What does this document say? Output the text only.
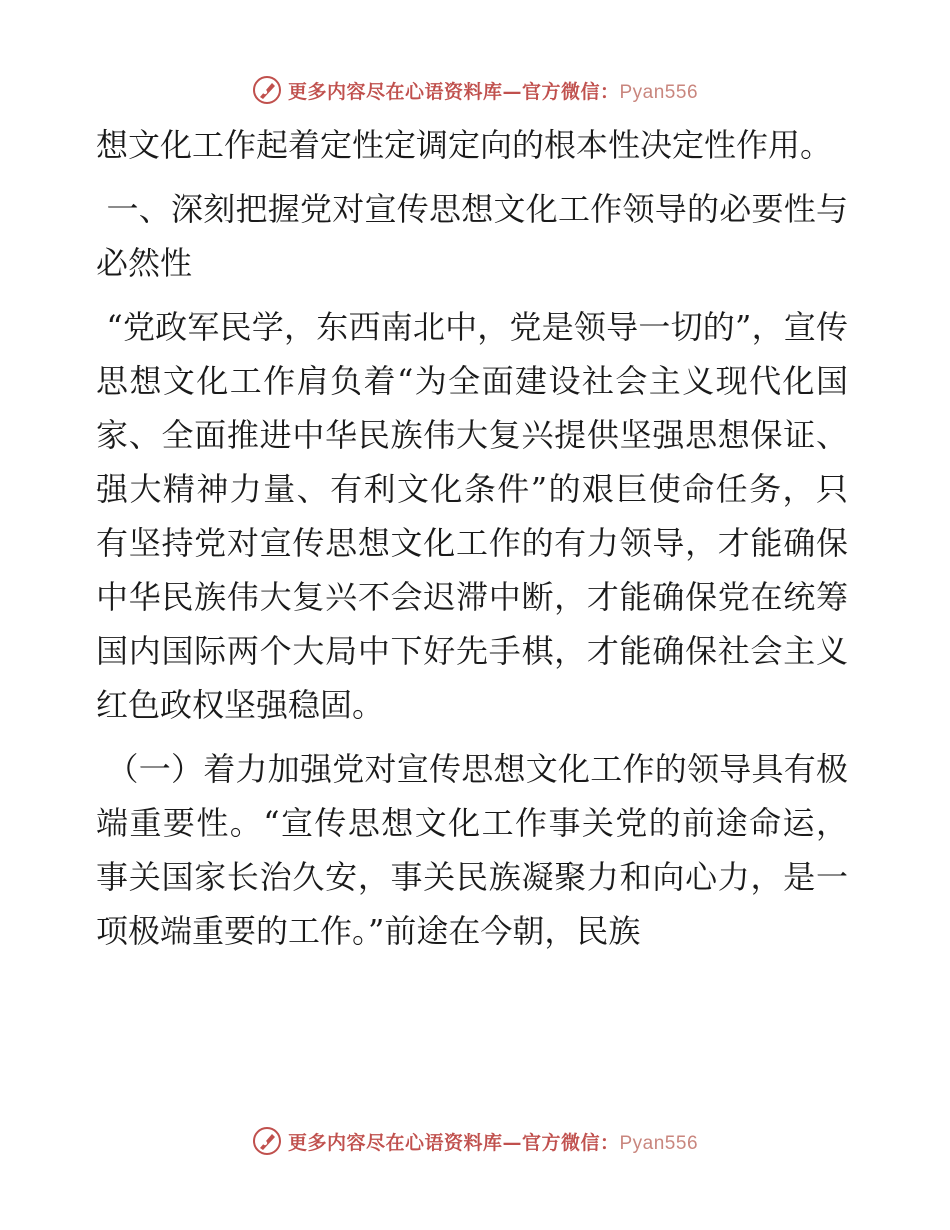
更多内容尽在心语资料库—官方微信：Pyan556

想文化工作起着定性定调定向的根本性决定性作用。

一、深刻把握党对宣传思想文化工作领导的必要性与必然性

“党政军民学，东西南北中，党是领导一切的”，宣传思想文化工作肩负着“为全面建设社会主义现代化国家、全面推进中华民族伟大复兴提供坚强思想保证、强大精神力量、有利文化条件”的艰巨使命任务，只有坚持党对宣传思想文化工作的有力领导，才能确保中华民族伟大复兴不会迟滞中断，才能确保党在统筹国内国际两个大局中下好先手棋，才能确保社会主义红色政权坚强稳固。

（一）着力加强党对宣传思想文化工作的领导具有极端重要性。“宣传思想文化工作事关党的前途命运，事关国家长治久安，事关民族凝聚力和向心力，是一项极端重要的工作。”前途在今朝，民族

更多内容尽在心语资料库—官方微信：Pyan556
